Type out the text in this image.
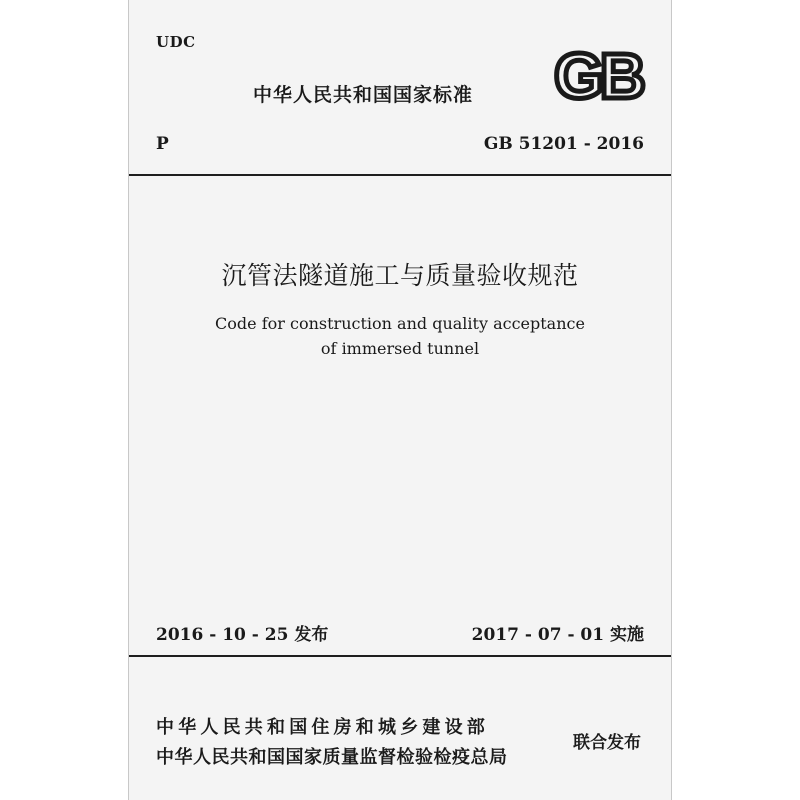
UDC
中华人民共和国国家标准 GB
P	GB 51201 - 2016
沉管法隧道施工与质量验收规范
Code for construction and quality acceptance
of immersed tunnel
2016 - 10 - 25 发布	2017 - 07 - 01 实施
中华人民共和国住房和城乡建设部
中华人民共和国国家质量监督检验检疫总局
联合发布
